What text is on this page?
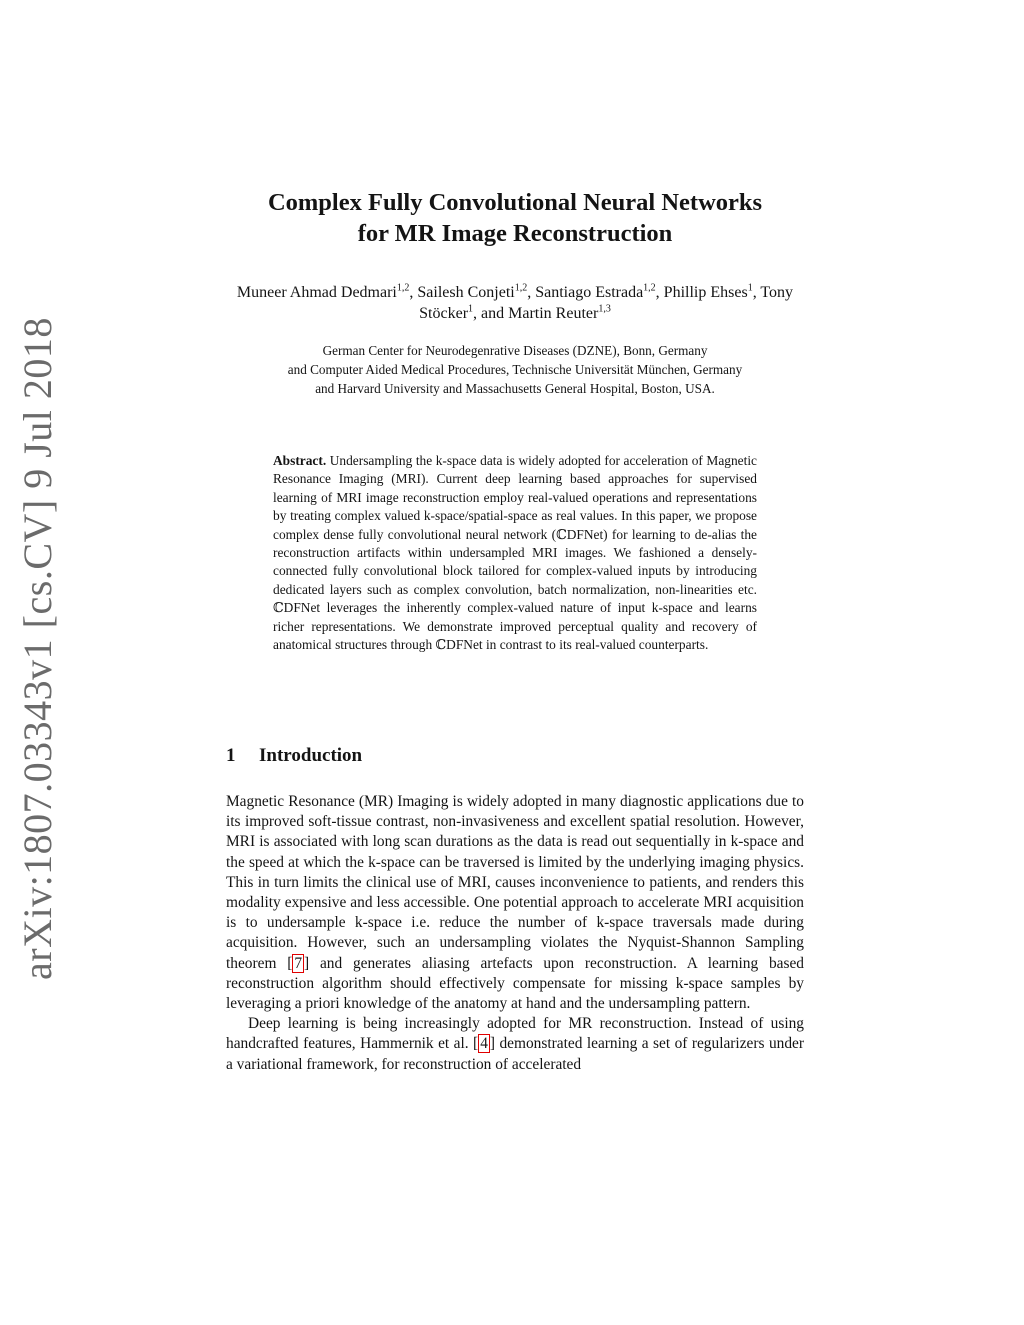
arXiv:1807.03343v1 [cs.CV] 9 Jul 2018
Complex Fully Convolutional Neural Networks
for MR Image Reconstruction
Muneer Ahmad Dedmari$^{1,2}$, Sailesh Conjeti$^{1,2}$, Santiago Estrada$^{1,2}$, Phillip Ehses$^1$, Tony Stöcker$^1$, and Martin Reuter$^{1,3}$
German Center for Neurodegenrative Diseases (DZNE), Bonn, Germany
and Computer Aided Medical Procedures, Technische Universität München, Germany
and Harvard University and Massachusetts General Hospital, Boston, USA.
Abstract. Undersampling the k-space data is widely adopted for acceleration of Magnetic Resonance Imaging (MRI). Current deep learning based approaches for supervised learning of MRI image reconstruction employ real-valued operations and representations by treating complex valued k-space/spatial-space as real values. In this paper, we propose complex dense fully convolutional neural network (ℂDFNet) for learning to de-alias the reconstruction artifacts within undersampled MRI images. We fashioned a densely-connected fully convolutional block tailored for complex-valued inputs by introducing dedicated layers such as complex convolution, batch normalization, non-linearities etc. ℂDFNet leverages the inherently complex-valued nature of input k-space and learns richer representations. We demonstrate improved perceptual quality and recovery of anatomical structures through ℂDFNet in contrast to its real-valued counterparts.
1 Introduction

Magnetic Resonance (MR) Imaging is widely adopted in many diagnostic applications due to its improved soft-tissue contrast, non-invasiveness and excellent spatial resolution. However, MRI is associated with long scan durations as the data is read out sequentially in k-space and the speed at which the k-space can be traversed is limited by the underlying imaging physics. This in turn limits the clinical use of MRI, causes inconvenience to patients, and renders this modality expensive and less accessible. One potential approach to accelerate MRI acquisition is to undersample k-space i.e. reduce the number of k-space traversals made during acquisition. However, such an undersampling violates the Nyquist-Shannon Sampling theorem [ 7 ] and generates aliasing artefacts upon reconstruction. A learning based reconstruction algorithm should effectively compensate for missing k-space samples by leveraging a priori knowledge of the anatomy at hand and the undersampling pattern.

Deep learning is being increasingly adopted for MR reconstruction. Instead of using handcrafted features, Hammernik et al. [ 4 ] demonstrated learning a set of regularizers under a variational framework, for reconstruction of accelerated
